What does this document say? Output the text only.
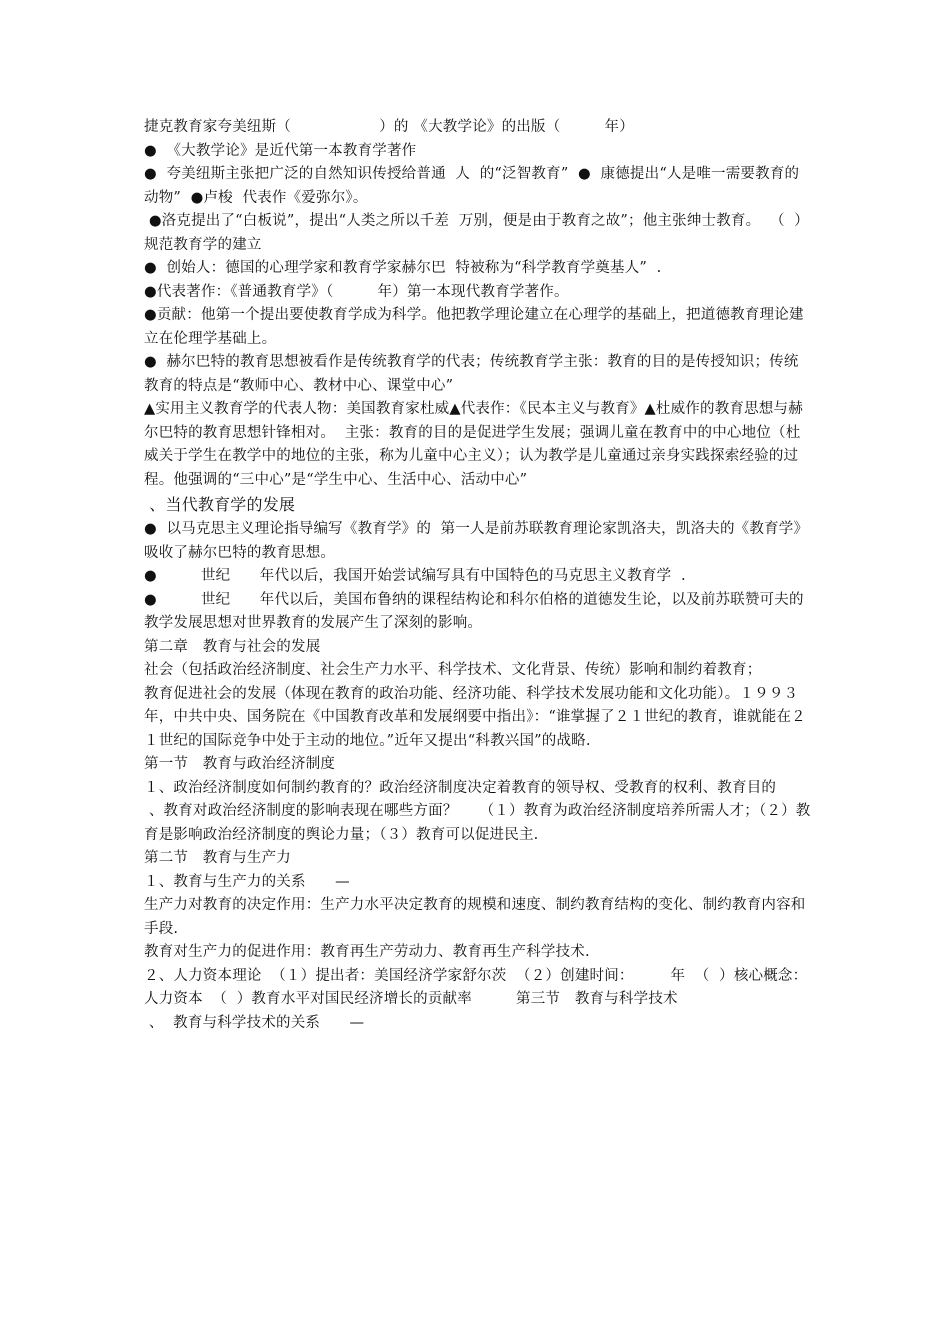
捷克教育家夸美纽斯（　　　　　　）的 《大教学论》的出版（　　　年）

●  《大教学论》是近代第一本教育学著作

●  夸美纽斯主张把广泛的自然知识传授给普通  人  的“泛智教育”  ●  康德提出“人是唯一需要教育的动物”  ●卢梭  代表作《爱弥尔》。

●洛克提出了“白板说”，提出“人类之所以千差  万别，便是由于教育之故”；他主张绅士教育。  （  ）规范教育学的建立

●  创始人：德国的心理学家和教育学家赫尔巴  特被称为“科学教育学奠基人”  .

●代表著作：《普通教育学》（　　　年）第一本现代教育学著作。

●贡献：他第一个提出要使教育学成为科学。他把教学理论建立在心理学的基础上，把道德教育理论建立在伦理学基础上。

●  赫尔巴特的教育思想被看作是传统教育学的代表；传统教育学主张：教育的目的是传授知识；传统教育的特点是“教师中心、教材中心、课堂中心”

▲实用主义教育学的代表人物：美国教育家杜威▲代表作：《民本主义与教育》▲杜威作的教育思想与赫尔巴特的教育思想针锋相对。  主张：教育的目的是促进学生发展；强调儿童在教育中的中心地位（杜威关于学生在教学中的地位的主张，称为儿童中心主义）；认为教学是儿童通过亲身实践探索经验的过程。他强调的“三中心”是“学生中心、生活中心、活动中心”

、当代教育学的发展

●  以马克思主义理论指导编写《教育学》的  第一人是前苏联教育理论家凯洛夫，凯洛夫的《教育学》吸收了赫尔巴特的教育思想。

●　　　世纪　　年代以后，我国开始尝试编写具有中国特色的马克思主义教育学  .

●　　　世纪　　年代以后，美国布鲁纳的课程结构论和科尔伯格的道德发生论，以及前苏联赞可夫的教学发展思想对世界教育的发展产生了深刻的影响。

第二章　教育与社会的发展

社会（包括政治经济制度、社会生产力水平、科学技术、文化背景、传统）影响和制约着教育；

教育促进社会的发展（体现在教育的政治功能、经济功能、科学技术发展功能和文化功能）。１９９３年，中共中央、国务院在《中国教育改革和发展纲要中指出》：“谁掌握了２１世纪的教育，谁就能在２１世纪的国际竞争中处于主动的地位。”近年又提出“科教兴国”的战略.

第一节　教育与政治经济制度

１、政治经济制度如何制约教育的？政治经济制度决定着教育的领导权、受教育的权利、教育目的

、教育对政治经济制度的影响表现在哪些方面？　　（１）教育为政治经济制度培养所需人才；（２）教育是影响政治经济制度的舆论力量；（３）教育可以促进民主.

第二节　教育与生产力

１、教育与生产力的关系　　—

生产力对教育的决定作用：生产力水平决定教育的规模和速度、制约教育结构的变化、制约教育内容和手段.

教育对生产力的促进作用：教育再生产劳动力、教育再生产科学技术.

２、人力资本理论  （１）提出者：美国经济学家舒尔茨  （２）创建时间：　　　年  （  ）核心概念：人力资本  （  ）教育水平对国民经济增长的贡献率　　　第三节　教育与科学技术

、  教育与科学技术的关系　　—
